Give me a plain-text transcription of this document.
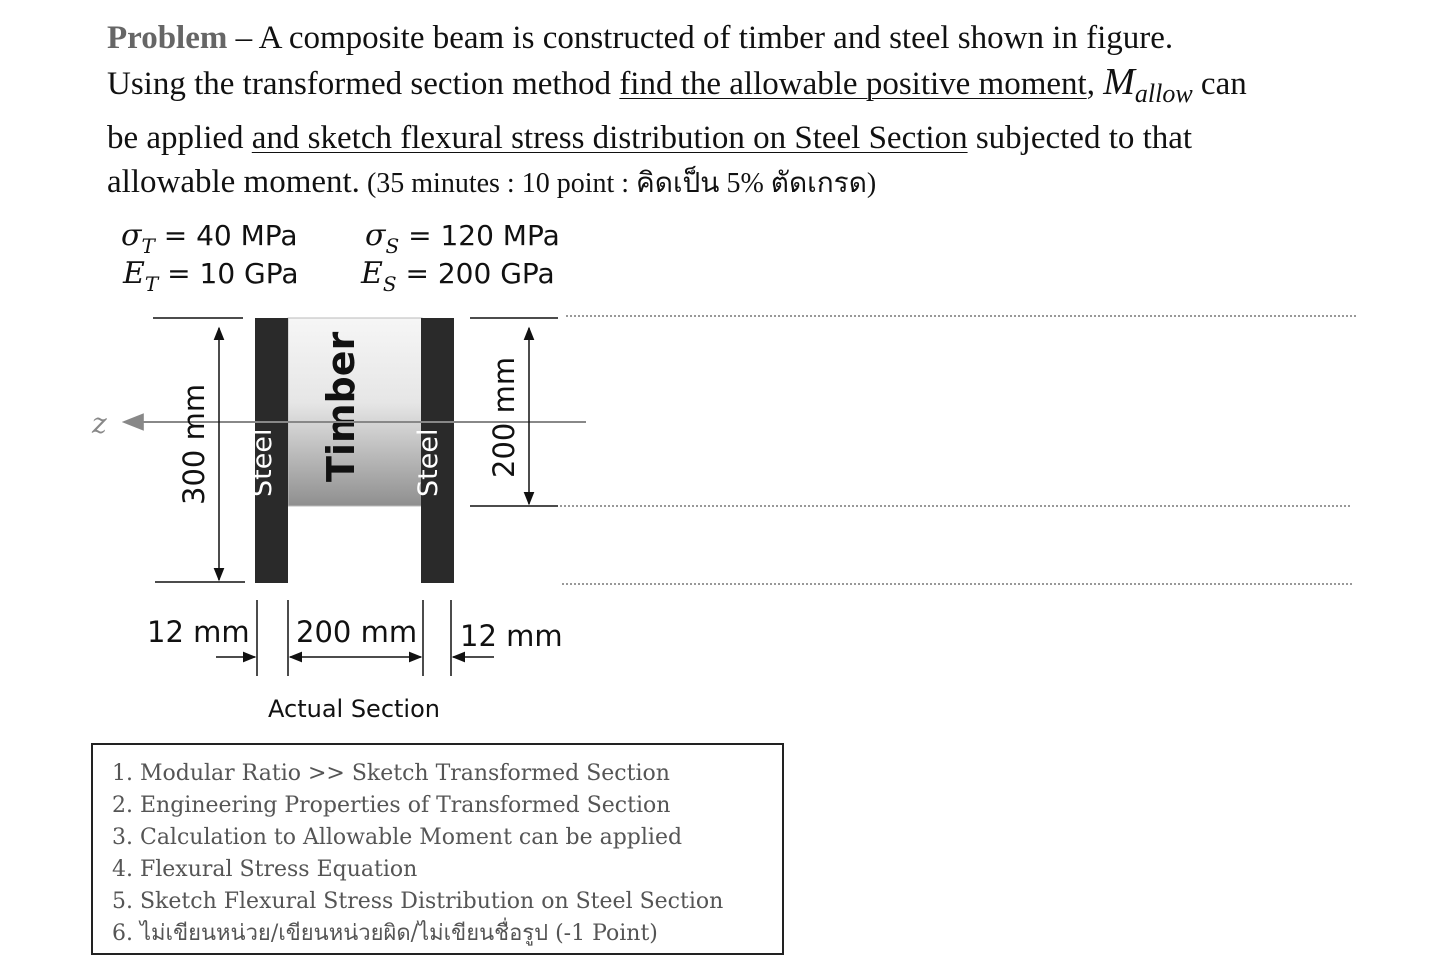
Problem – A composite beam is constructed of timber and steel shown in figure.
Using the transformed section method find the allowable positive moment, $M_{allow}$ can
be applied and sketch flexural stress distribution on Steel Section subjected to that
allowable moment. (35 minutes : 10 point : คิดเป็น 5% ตัดเกรด)
$\sigma_T = 40$ MPa
$E_T = 10$ GPa
$\sigma_S = 120$ MPa
$E_S = 200$ GPa
Steel	Steel
Timber
z 300 mm	200 mm
12 mm 200 mm 12 mm
Actual Section
1. Modular Ratio >> Sketch Transformed Section
2. Engineering Properties of Transformed Section
3. Calculation to Allowable Moment can be applied
4. Flexural Stress Equation
5. Sketch Flexural Stress Distribution on Steel Section
6. ไม่เขียนหน่วย/เขียนหน่วยผิด/ไม่เขียนชื่อรูป (-1 Point)
